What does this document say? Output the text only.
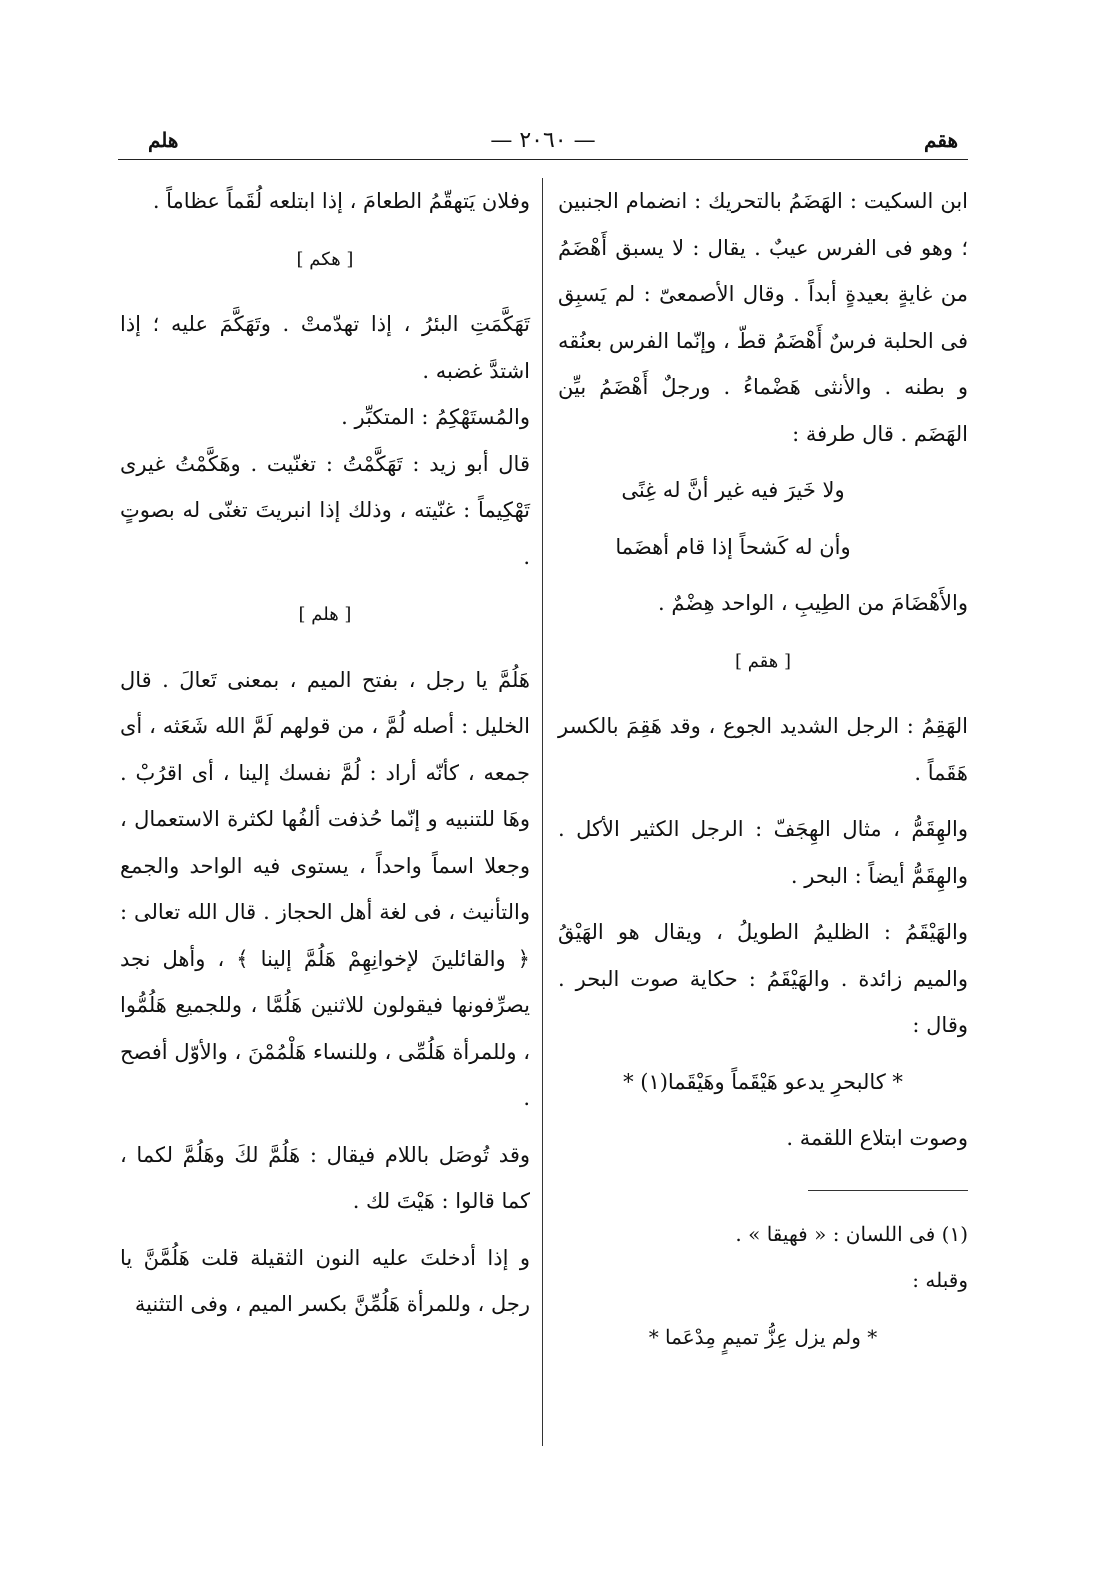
هقم
— ٢٠٦٠ —
هلم

ابن السكيت : الهَضَمُ بالتحريك : انضمام الجنبين ؛ وهو فى الفرس عيبٌ . يقال : لا يسبق أَهْضَمُ من غايةٍ بعيدةٍ أبداً . وقال الأصمعىّ : لم يَسبِق فى الحلبة فرسٌ أَهْضَمُ قطّ ، وإنّما الفرس بعنُقه و بطنه . والأنثى هَضْماءُ . ورجلٌ أَهْضَمُ بيِّن الهَضَم . قال طرفة :

ولا خَيرَ فيه غير أنَّ له غِنًى

وأن له كَشحاً إذا قام أهضَما

والأَهْضَامَ من الطِيبِ ، الواحد هِضْمٌ .

[ هقم ]

الهَقِمُ : الرجل الشديد الجوع ، وقد هَقِمَ بالكسر هَقَماً .

والهِقَمُّ ، مثال الهِجَفّ : الرجل الكثير الأكل . والهِقَمُّ أيضاً : البحر .

والهَيْقَمُ : الظليمُ الطويلُ ، ويقال هو الهَيْقُ والميم زائدة . والهَيْقَمُ : حكاية صوت البحر . وقال :

* كالبحرِ يدعو هَيْقَماً وهَيْقَما(١) *

وصوت ابتلاع اللقمة .

(١) فى اللسان : « فهيقا » .

وقبله :

* ولم يزل عِزُّ تميمٍ مِدْعَما *

وفلان يَتهقّمُ الطعامَ ، إذا ابتلعه لُقَماً عظاماً .

[ هكم ]

تَهَكَّمَتِ البئرُ ، إذا تهدّمتْ . وتَهَكَّمَ عليه ؛ إذا اشتدَّ غضبه .

والمُستَهْكِمُ : المتكبِّر .

قال أبو زيد : تَهَكَّمْتُ : تغنّيت . وهَكَّمْتُ غيرى تَهْكِيماً : غنّيته ، وذلك إذا انبريتَ تغنّى له بصوتٍ .

[ هلم ]

هَلُمَّ يا رجل ، بفتح الميم ، بمعنى تَعالَ . قال الخليل : أصله لُمَّ ، من قولهم لَمَّ الله شَعَثه ، أى جمعه ، كأنّه أراد : لُمَّ نفسك إلينا ، أى اقرُبْ . وهَا للتنبيه و إنّما حُذفت ألفُها لكثرة الاستعمال ، وجعلا اسماً واحداً ، يستوى فيه الواحد والجمع والتأنيث ، فى لغة أهل الحجاز . قال الله تعالى : ﴿ والقائلينَ لإخوانِهِمْ هَلُمَّ إلينا ﴾ ، وأهل نجد يصرِّفونها فيقولون للاثنين هَلُمَّا ، وللجميع هَلُمُّوا ، وللمرأة هَلُمِّى ، وللنساء هَلْمُمْنَ ، والأوّل أفصح .

وقد تُوصَل باللام فيقال : هَلُمَّ لكَ وهَلُمَّ لكما ، كما قالوا : هَيْتَ لك .

و إذا أدخلتَ عليه النون الثقيلة قلت هَلُمَّنَّ يا رجل ، وللمرأة هَلُمِّنَّ بكسر الميم ، وفى التثنية
